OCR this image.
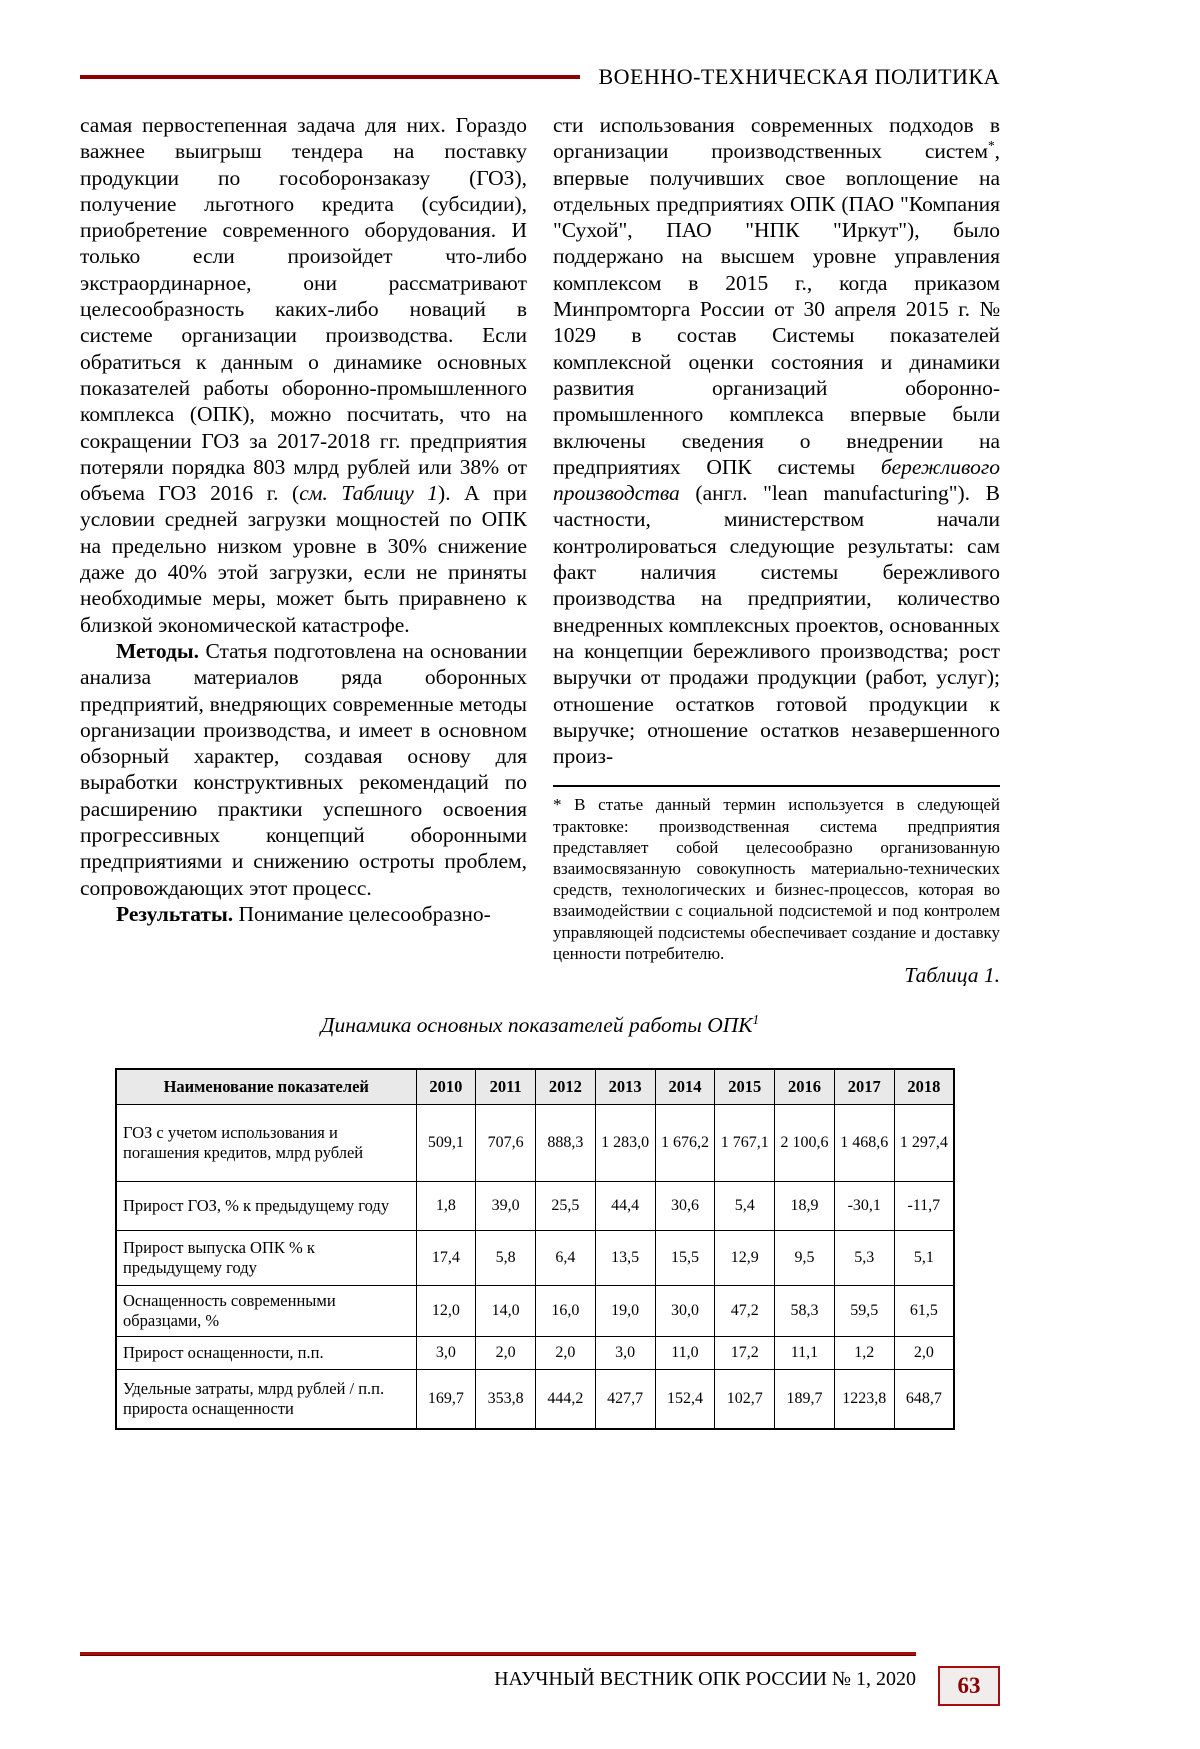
ВОЕННО-ТЕХНИЧЕСКАЯ ПОЛИТИКА
самая первостепенная задача для них. Гораздо важнее выигрыш тендера на поставку продукции по гособоронзаказу (ГОЗ), получение льготного кредита (субсидии), приобретение современного оборудования. И только если произойдет что-либо экстраординарное, они рассматривают целесообразность каких-либо новаций в системе организации производства. Если обратиться к данным о динамике основных показателей работы оборонно-промышленного комплекса (ОПК), можно посчитать, что на сокращении ГОЗ за 2017-2018 гг. предприятия потеряли порядка 803 млрд рублей или 38% от объема ГОЗ 2016 г. (см. Таблицу 1). А при условии средней загрузки мощностей по ОПК на предельно низком уровне в 30% снижение даже до 40% этой загрузки, если не приняты необходимые меры, может быть приравнено к близкой экономической катастрофе.
Методы. Статья подготовлена на основании анализа материалов ряда оборонных предприятий, внедряющих современные методы организации производства, и имеет в основном обзорный характер, создавая основу для выработки конструктивных рекомендаций по расширению практики успешного освоения прогрессивных концепций оборонными предприятиями и снижению остроты проблем, сопровождающих этот процесс.
Результаты. Понимание целесообразно-
сти использования современных подходов в организации производственных систем*, впервые получивших свое воплощение на отдельных предприятиях ОПК (ПАО "Компания "Сухой", ПАО "НПК "Иркут"), было поддержано на высшем уровне управления комплексом в 2015 г., когда приказом Минпромторга России от 30 апреля 2015 г. № 1029 в состав Системы показателей комплексной оценки состояния и динамики развития организаций оборонно-промышленного комплекса впервые были включены сведения о внедрении на предприятиях ОПК системы бережливого производства (англ. "lean manufacturing"). В частности, министерством начали контролироваться следующие результаты: сам факт наличия системы бережливого производства на предприятии, количество внедренных комплексных проектов, основанных на концепции бережливого производства; рост выручки от продажи продукции (работ, услуг); отношение остатков готовой продукции к выручке; отношение остатков незавершенного произ-
* В статье данный термин используется в следующей трактовке: производственная система предприятия представляет собой целесообразно организованную взаимосвязанную совокупность материально-технических средств, технологических и бизнес-процессов, которая во взаимодействии с социальной подсистемой и под контролем управляющей подсистемы обеспечивает создание и доставку ценности потребителю.
Таблица 1.
Динамика основных показателей работы ОПК$^1$
Наименование показателей	2010	2011	2012	2013	2014	2015	2016	2017	2018
ГОЗ с учетом использования и погашения кредитов, млрд рублей	509,1	707,6	888,3	1 283,0	1 676,2	1 767,1	2 100,6	1 468,6	1 297,4
Прирост ГОЗ, % к предыдущему году	1,8	39,0	25,5	44,4	30,6	5,4	18,9	-30,1	-11,7
Прирост выпуска ОПК % к предыдущему году	17,4	5,8	6,4	13,5	15,5	12,9	9,5	5,3	5,1
Оснащенность современными образцами, %	12,0	14,0	16,0	19,0	30,0	47,2	58,3	59,5	61,5
Прирост оснащенности, п.п.	3,0	2,0	2,0	3,0	11,0	17,2	11,1	1,2	2,0
Удельные затраты, млрд рублей / п.п. прироста оснащенности	169,7	353,8	444,2	427,7	152,4	102,7	189,7	1223,8	648,7
НАУЧНЫЙ ВЕСТНИК ОПК РОССИИ № 1, 2020 63
